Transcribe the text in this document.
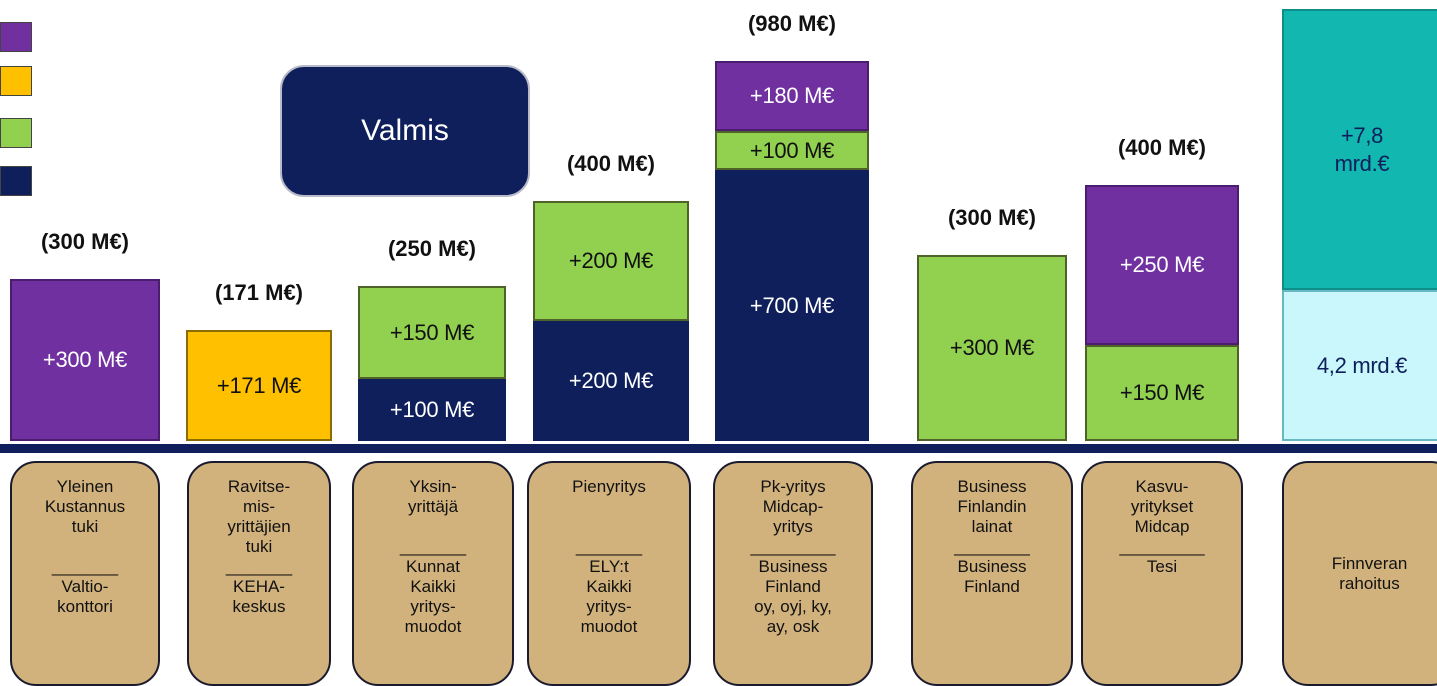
Valmis
+300 M€
+171 M€
+100 M€
+150 M€
+200 M€
+200 M€
+700 M€
+100 M€
+180 M€
+300 M€
+150 M€
+250 M€
4,2 mrd.€
+7,8
mrd.€
(300 M€)
(171 M€)
(250 M€)
(400 M€)
(980 M€)
(300 M€)
(400 M€)
Yleinen
Kustannus
tuki

_______
Valtio-
konttori
Ravitse-
mis-
yrittäjien
tuki
_______
KEHA-
keskus
Yksin-
yrittäjä

_______
Kunnat
Kaikki
yritys-
muodot
Pienyritys

_______
ELY:t
Kaikki
yritys-
muodot
Pk-yritys
Midcap-
yritys
_________
Business
Finland
oy, oyj, ky,
ay, osk
Business
Finlandin
lainat
________
Business
Finland
Kasvu-
yritykset
Midcap
_________
Tesi	Finnveran
rahoitus
